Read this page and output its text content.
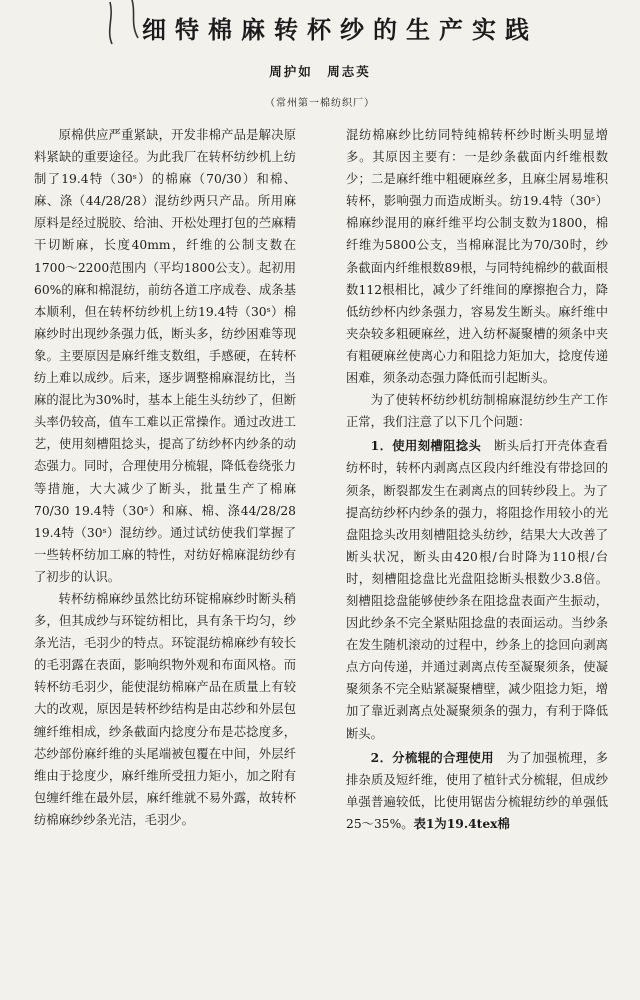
细特棉麻转杯纱的生产实践
周护如　周志英
（常州第一棉纺织厂）

原棉供应严重紧缺，开发非棉产品是解决原料紧缺的重要途径。为此我厂在转杯纺纱机上纺制了19.4特（30ˢ）的棉麻（70/30）和棉、麻、涤（44/28/28）混纺纱两只产品。所用麻原料是经过脱胶、给油、开松处理打包的苎麻精干切断麻，长度40mm，纤维的公制支数在1700～2200范围内（平均1800公支）。起初用60%的麻和棉混纺，前纺各道工序成卷、成条基本顺利，但在转杯纺纱机上纺19.4特（30ˢ）棉麻纱时出现纱条强力低，断头多，纺纱困难等现象。主要原因是麻纤维支数组，手感硬，在转杯纺上难以成纱。后来，逐步调整棉麻混纺比，当麻的混比为30%时，基本上能生头纺纱了，但断头率仍较高，值车工难以正常操作。通过改进工艺，使用刻槽阻捻头，提高了纺纱杯内纱条的动态强力。同时，合理使用分梳辊，降低卷绕张力等措施，大大减少了断头，批量生产了棉麻70/30 19.4特（30ˢ）和麻、棉、涤44/28/28 19.4特（30ˢ）混纺纱。通过试纺使我们掌握了一些转杯纺加工麻的特性，对纺好棉麻混纺纱有了初步的认识。

转杯纺棉麻纱虽然比纺环锭棉麻纱时断头稍多，但其成纱与环锭纺相比，具有条干均匀，纱条光洁，毛羽少的特点。环锭混纺棉麻纱有较长的毛羽露在表面，影响织物外观和布面风格。而转杯纺毛羽少，能使混纺棉麻产品在质量上有较大的改观，原因是转杯纱结构是由芯纱和外层包缠纤维相成，纱条截面内捻度分布是芯捻度多，芯纱部份麻纤维的头尾端被包覆在中间，外层纤维由于捻度少，麻纤维所受扭力矩小，加之附有包缠纤维在最外层，麻纤维就不易外露，故转杯纺棉麻纱纱条光洁，毛羽少。

混纺棉麻纱比纺同特纯棉转杯纱时断头明显增多。其原因主要有：一是纱条截面内纤维根数少；二是麻纤维中粗硬麻丝多，且麻尘屑易堆积转杯，影响强力而造成断头。纺19.4特（30ˢ）棉麻纱混用的麻纤维平均公制支数为1800，棉纤维为5800公支，当棉麻混比为70/30时，纱条截面内纤维根数89根，与同特纯棉纱的截面根数112根相比，减少了纤维间的摩擦抱合力，降低纺纱杯内纱条强力，容易发生断头。麻纤维中夹杂较多粗硬麻丝，进入纺杯凝聚槽的须条中夹有粗硬麻丝使离心力和阻捻力矩加大，捻度传递困难，须条动态强力降低而引起断头。

为了使转杯纺纱机纺制棉麻混纺纱生产工作正常，我们注意了以下几个问题：

1．使用刻槽阻捻头　 断头后打开壳体查看纺杯时，转杯内剥离点区段内纤维没有带捻回的须条，断裂都发生在剥离点的回转纱段上。为了提高纺纱杯内纱条的强力，将阻捻作用较小的光盘阻捻头改用刻槽阻捻头纺纱，结果大大改善了断头状况，断头由420根/台时降为110根/台时，刻槽阻捻盘比光盘阻捻断头根数少3.8倍。刻槽阻捻盘能够使纱条在阻捻盘表面产生振动，因此纱条不完全紧贴阻捻盘的表面运动。当纱条在发生随机滚动的过程中，纱条上的捻回向剥离点方向传递，并通过剥离点传至凝聚须条，使凝聚须条不完全贴紧凝聚槽壁，减少阻捻力矩，增加了靠近剥离点处凝聚须条的强力，有利于降低断头。

2．分梳辊的合理使用　 为了加强梳理，多排杂质及短纤维，使用了植针式分梳辊，但成纱单强普遍较低，比使用锯齿分梳辊纺纱的单强低25～35%。表1为19.4tex棉
